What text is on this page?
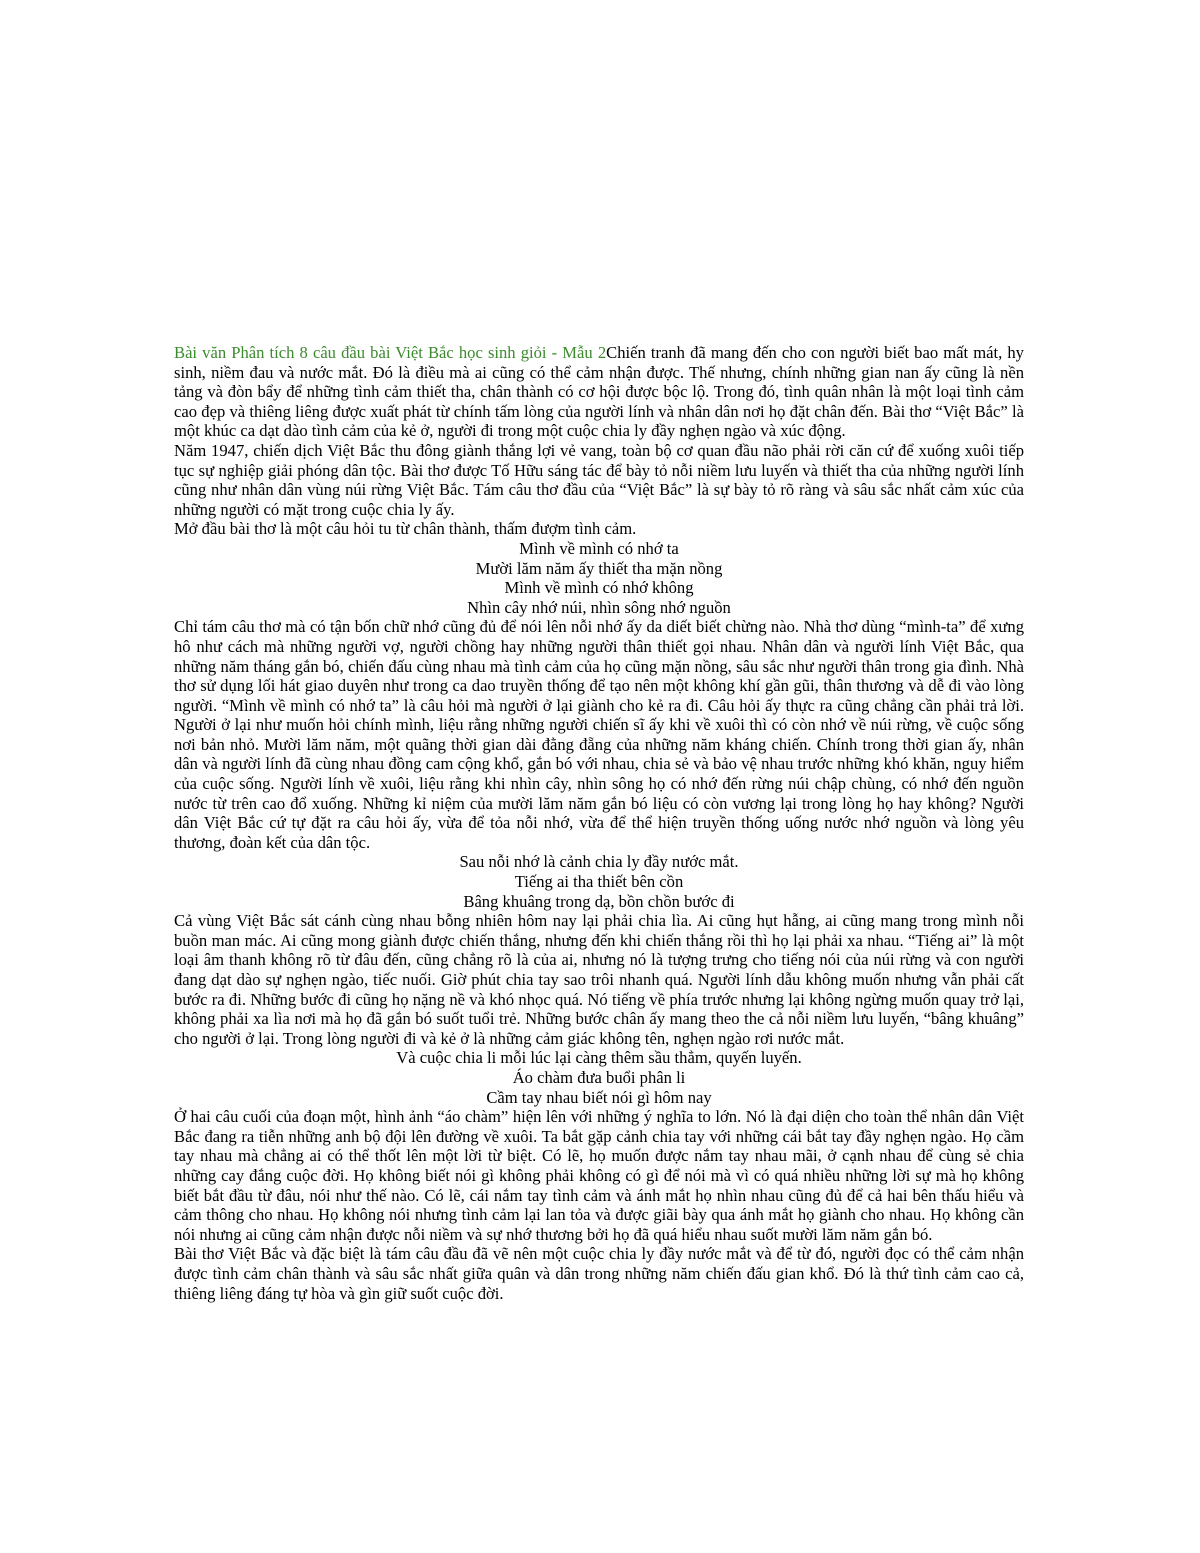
Bài văn Phân tích 8 câu đầu bài Việt Bắc học sinh giỏi - Mẫu 2Chiến tranh đã mang đến cho con người biết bao mất mát, hy sinh, niềm đau và nước mắt. Đó là điều mà ai cũng có thể cảm nhận được. Thế nhưng, chính những gian nan ấy cũng là nền tảng và đòn bẩy để những tình cảm thiết tha, chân thành có cơ hội được bộc lộ. Trong đó, tình quân nhân là một loại tình cảm cao đẹp và thiêng liêng được xuất phát từ chính tấm lòng của người lính và nhân dân nơi họ đặt chân đến. Bài thơ “Việt Bắc” là một khúc ca dạt dào tình cảm của kẻ ở, người đi trong một cuộc chia ly đầy nghẹn ngào và xúc động.

Năm 1947, chiến dịch Việt Bắc thu đông giành thắng lợi vẻ vang, toàn bộ cơ quan đầu não phải rời căn cứ để xuống xuôi tiếp tục sự nghiệp giải phóng dân tộc. Bài thơ được Tố Hữu sáng tác để bày tỏ nỗi niềm lưu luyến và thiết tha của những người lính cũng như nhân dân vùng núi rừng Việt Bắc. Tám câu thơ đầu của “Việt Bắc” là sự bày tỏ rõ ràng và sâu sắc nhất cảm xúc của những người có mặt trong cuộc chia ly ấy.

Mở đầu bài thơ là một câu hỏi tu từ chân thành, thấm đượm tình cảm.

Mình về mình có nhớ ta

Mười lăm năm ấy thiết tha mặn nồng

Mình về mình có nhớ không

Nhìn cây nhớ núi, nhìn sông nhớ nguồn

Chỉ tám câu thơ mà có tận bốn chữ nhớ cũng đủ để nói lên nỗi nhớ ấy da diết biết chừng nào. Nhà thơ dùng “mình-ta” để xưng hô như cách mà những người vợ, người chồng hay những người thân thiết gọi nhau. Nhân dân và người lính Việt Bắc, qua những năm tháng gắn bó, chiến đấu cùng nhau mà tình cảm của họ cũng mặn nồng, sâu sắc như người thân trong gia đình. Nhà thơ sử dụng lối hát giao duyên như trong ca dao truyền thống để tạo nên một không khí gần gũi, thân thương và dễ đi vào lòng người. “Mình về mình có nhớ ta” là câu hỏi mà người ở lại giành cho kẻ ra đi. Câu hỏi ấy thực ra cũng chẳng cần phải trả lời. Người ở lại như muốn hỏi chính mình, liệu rằng những người chiến sĩ ấy khi về xuôi thì có còn nhớ về núi rừng, về cuộc sống nơi bản nhỏ. Mười lăm năm, một quãng thời gian dài đằng đẵng của những năm kháng chiến. Chính trong thời gian ấy, nhân dân và người lính đã cùng nhau đồng cam cộng khổ, gắn bó với nhau, chia sẻ và bảo vệ nhau trước những khó khăn, nguy hiểm của cuộc sống. Người lính về xuôi, liệu rằng khi nhìn cây, nhìn sông họ có nhớ đến rừng núi chập chùng, có nhớ đến nguồn nước từ trên cao đổ xuống. Những kỉ niệm của mười lăm năm gắn bó liệu có còn vương lại trong lòng họ hay không? Người dân Việt Bắc cứ tự đặt ra câu hỏi ấy, vừa để tỏa nỗi nhớ, vừa để thể hiện truyền thống uống nước nhớ nguồn và lòng yêu thương, đoàn kết của dân tộc.

Sau nỗi nhớ là cảnh chia ly đầy nước mắt.

Tiếng ai tha thiết bên cồn

Bâng khuâng trong dạ, bồn chồn bước đi

Cả vùng Việt Bắc sát cánh cùng nhau bỗng nhiên hôm nay lại phải chia lìa. Ai cũng hụt hẫng, ai cũng mang trong mình nỗi buồn man mác. Ai cũng mong giành được chiến thắng, nhưng đến khi chiến thắng rồi thì họ lại phải xa nhau. “Tiếng ai” là một loại âm thanh không rõ từ đâu đến, cũng chẳng rõ là của ai, nhưng nó là tượng trưng cho tiếng nói của núi rừng và con người đang dạt dào sự nghẹn ngào, tiếc nuối. Giờ phút chia tay sao trôi nhanh quá. Người lính dẫu không muốn nhưng vẫn phải cất bước ra đi. Những bước đi cũng họ nặng nề và khó nhọc quá. Nó tiếng về phía trước nhưng lại không ngừng muốn quay trở lại, không phải xa lìa nơi mà họ đã gắn bó suốt tuổi trẻ. Những bước chân ấy mang theo the cả nỗi niềm lưu luyến, “bâng khuâng” cho người ở lại. Trong lòng người đi và kẻ ở là những cảm giác không tên, nghẹn ngào rơi nước mắt.

Và cuộc chia li mỗi lúc lại càng thêm sầu thẳm, quyến luyến.

Áo chàm đưa buổi phân li

Cầm tay nhau biết nói gì hôm nay

Ở hai câu cuối của đoạn một, hình ảnh “áo chàm” hiện lên với những ý nghĩa to lớn. Nó là đại diện cho toàn thể nhân dân Việt Bắc đang ra tiễn những anh bộ đội lên đường về xuôi. Ta bắt gặp cảnh chia tay với những cái bắt tay đầy nghẹn ngào. Họ cầm tay nhau mà chẳng ai có thể thốt lên một lời từ biệt. Có lẽ, họ muốn được nắm tay nhau mãi, ở cạnh nhau để cùng sẻ chia những cay đắng cuộc đời. Họ không biết nói gì không phải không có gì để nói mà vì có quá nhiều những lời sự mà họ không biết bắt đầu từ đâu, nói như thế nào. Có lẽ, cái nắm tay tình cảm và ánh mắt họ nhìn nhau cũng đủ để cả hai bên thấu hiểu và cảm thông cho nhau. Họ không nói nhưng tình cảm lại lan tỏa và được giãi bày qua ánh mắt họ giành cho nhau. Họ không cần nói nhưng ai cũng cảm nhận được nỗi niềm và sự nhớ thương bởi họ đã quá hiểu nhau suốt mười lăm năm gắn bó.

Bài thơ Việt Bắc và đặc biệt là tám câu đầu đã vẽ nên một cuộc chia ly đầy nước mắt và để từ đó, người đọc có thể cảm nhận được tình cảm chân thành và sâu sắc nhất giữa quân và dân trong những năm chiến đấu gian khổ. Đó là thứ tình cảm cao cả, thiêng liêng đáng tự hòa và gìn giữ suốt cuộc đời.
